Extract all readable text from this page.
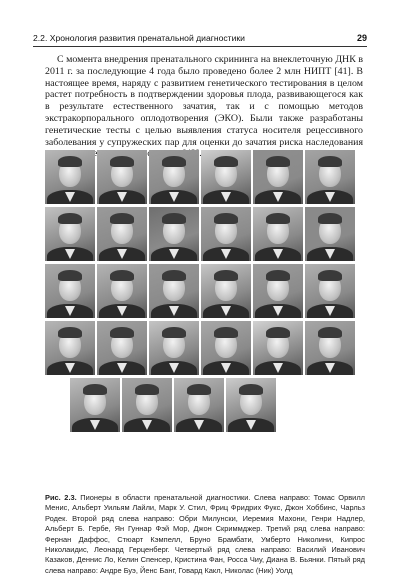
2.2. Хронология развития пренатальной диагностики	29

С момента внедрения пренатального скрининга на внеклеточную ДНК в 2011 г. за последующие 4 года было проведено более 2 млн НИПТ [41]. В настоящее время, наряду с развитием генетического тестирования в целом растет потребность в подтверждении здоровья плода, развивающегося как в результате естественного зачатия, так и с помощью методов экстракорпорального оплодотворения (ЭКО). Были также разработаны генетические тесты с целью выявления статуса носителя рецессивного заболевания у супружеских пар для оценки до зачатия риска наследования

Рис. 2.3. Пионеры в области пренатальной диагностики. Слева направо: Томас Орвилл Менис, Альберт Уильям Лайли, Марк У. Стил, Фриц Фридрих Фукс, Джон Хоббинс, Чарльз Родек. Второй ряд слева направо: Обри Милунски, Иеремия Махони, Генри Надлер, Альберт Б. Гербе, Ян Гуннар Фэй Мор, Джон Скриммджер. Третий ряд слева направо: Фернан Даффос, Стюарт Кэмпелл, Бруно Брамбати, Умберто Николини, Кипрос Николаидис, Леонард Герценберг. Четвертый ряд слева направо: Василий Иванович Казаков, Деннис Ло, Келин Спенсер, Кристина Фан, Росса Чиу, Диана В. Бьянки. Пятый ряд слева направо: Андре Буэ, Йенс Банг, Говард Какл, Николас (Ник) Уолд
